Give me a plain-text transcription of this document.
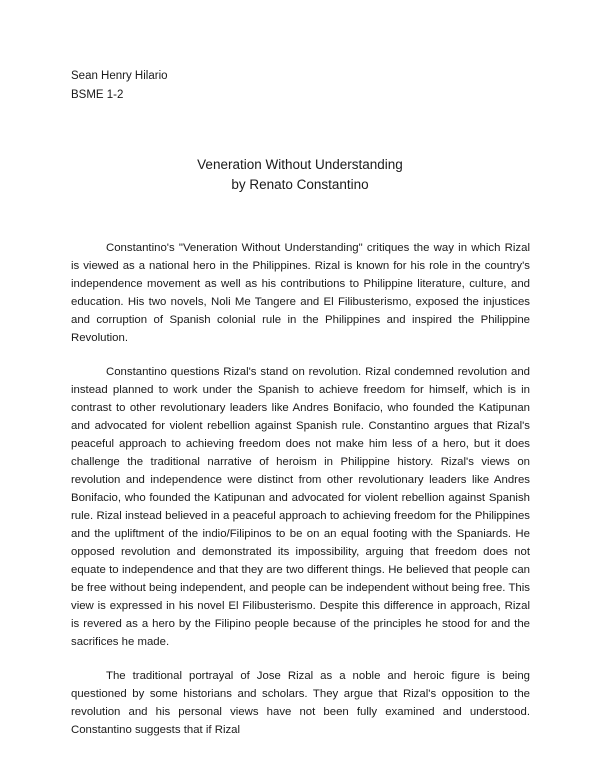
Sean Henry Hilario
BSME 1-2
Veneration Without Understanding
by Renato Constantino

Constantino's "Veneration Without Understanding" critiques the way in which Rizal is viewed as a national hero in the Philippines. Rizal is known for his role in the country's independence movement as well as his contributions to Philippine literature, culture, and education. His two novels, Noli Me Tangere and El Filibusterismo, exposed the injustices and corruption of Spanish colonial rule in the Philippines and inspired the Philippine Revolution.

Constantino questions Rizal's stand on revolution. Rizal condemned revolution and instead planned to work under the Spanish to achieve freedom for himself, which is in contrast to other revolutionary leaders like Andres Bonifacio, who founded the Katipunan and advocated for violent rebellion against Spanish rule. Constantino argues that Rizal's peaceful approach to achieving freedom does not make him less of a hero, but it does challenge the traditional narrative of heroism in Philippine history. Rizal's views on revolution and independence were distinct from other revolutionary leaders like Andres Bonifacio, who founded the Katipunan and advocated for violent rebellion against Spanish rule. Rizal instead believed in a peaceful approach to achieving freedom for the Philippines and the upliftment of the indio/Filipinos to be on an equal footing with the Spaniards. He opposed revolution and demonstrated its impossibility, arguing that freedom does not equate to independence and that they are two different things. He believed that people can be free without being independent, and people can be independent without being free. This view is expressed in his novel El Filibusterismo. Despite this difference in approach, Rizal is revered as a hero by the Filipino people because of the principles he stood for and the sacrifices he made.

The traditional portrayal of Jose Rizal as a noble and heroic figure is being questioned by some historians and scholars. They argue that Rizal's opposition to the revolution and his personal views have not been fully examined and understood. Constantino suggests that if Rizal
